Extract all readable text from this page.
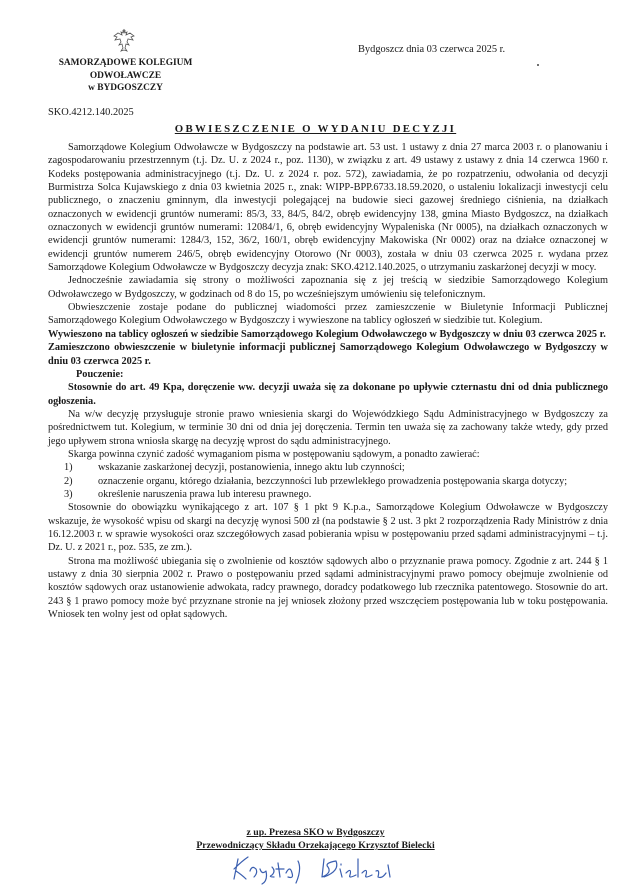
SAMORZĄDOWE KOLEGIUM
ODWOŁAWCZE
w BYDGOSZCZY
Bydgoszcz dnia 03 czerwca 2025 r.
SKO.4212.140.2025
OBWIESZCZENIE O WYDANIU DECYZJI

Samorządowe Kolegium Odwoławcze w Bydgoszczy na podstawie art. 53 ust. 1 ustawy z dnia 27 marca 2003 r. o planowaniu i zagospodarowaniu przestrzennym (t.j. Dz. U. z 2024 r., poz. 1130), w związku z art. 49 ustawy z ustawy z dnia 14 czerwca 1960 r. Kodeks postępowania administracyjnego (t.j. Dz. U. z 2024 r. poz. 572), zawiadamia, że po rozpatrzeniu, odwołania od decyzji Burmistrza Solca Kujawskiego z dnia 03 kwietnia 2025 r., znak: WIPP-BPP.6733.18.59.2020, o ustaleniu lokalizacji inwestycji celu publicznego, o znaczeniu gminnym, dla inwestycji polegającej na budowie sieci gazowej średniego ciśnienia, na działkach oznaczonych w ewidencji gruntów numerami: 85/3, 33, 84/5, 84/2, obręb ewidencyjny 138, gmina Miasto Bydgoszcz, na działkach oznaczonych w ewidencji gruntów numerami: 12084/1, 6, obręb ewidencyjny Wypaleniska (Nr 0005), na działkach oznaczonych w ewidencji gruntów numerami: 1284/3, 152, 36/2, 160/1, obręb ewidencyjny Makowiska (Nr 0002) oraz na działce oznaczonej w ewidencji gruntów numerem 246/5, obręb ewidencyjny Otorowo (Nr 0003), została w dniu 03 czerwca 2025 r. wydana przez Samorządowe Kolegium Odwoławcze w Bydgoszczy decyzja znak: SKO.4212.140.2025, o utrzymaniu zaskarżonej decyzji w mocy.

Jednocześnie zawiadamia się strony o możliwości zapoznania się z jej treścią w siedzibie Samorządowego Kolegium Odwoławczego w Bydgoszczy, w godzinach od 8 do 15, po wcześniejszym umówieniu się telefonicznym.

Obwieszczenie zostaje podane do publicznej wiadomości przez zamieszczenie w Biuletynie Informacji Publicznej Samorządowego Kolegium Odwoławczego w Bydgoszczy i wywieszone na tablicy ogłoszeń w siedzibie tut. Kolegium.

Wywieszono na tablicy ogłoszeń w siedzibie Samorządowego Kolegium Odwoławczego w Bydgoszczy w dniu 03 czerwca 2025 r.

Zamieszczono obwieszczenie w biuletynie informacji publicznej Samorządowego Kolegium Odwoławczego w Bydgoszczy w dniu 03 czerwca 2025 r.

Pouczenie:

Stosownie do art. 49 Kpa, doręczenie ww. decyzji uważa się za dokonane po upływie czternastu dni od dnia publicznego ogłoszenia.

Na w/w decyzję przysługuje stronie prawo wniesienia skargi do Wojewódzkiego Sądu Administracyjnego w Bydgoszczy za pośrednictwem tut. Kolegium, w terminie 30 dni od dnia jej doręczenia. Termin ten uważa się za zachowany także wtedy, gdy przed jego upływem strona wniosła skargę na decyzję wprost do sądu administracyjnego.

Skarga powinna czynić zadość wymaganiom pisma w postępowaniu sądowym, a ponadto zawierać:

1)	wskazanie zaskarżonej decyzji, postanowienia, innego aktu lub czynności;
2)	oznaczenie organu, którego działania, bezczynności lub przewlekłego prowadzenia postępowania skarga dotyczy;
3)	określenie naruszenia prawa lub interesu prawnego.

Stosownie do obowiązku wynikającego z art. 107 § 1 pkt 9 K.p.a., Samorządowe Kolegium Odwoławcze w Bydgoszczy wskazuje, że wysokość wpisu od skargi na decyzję wynosi 500 zł (na podstawie § 2 ust. 3 pkt 2 rozporządzenia Rady Ministrów z dnia 16.12.2003 r. w sprawie wysokości oraz szczegółowych zasad pobierania wpisu w postępowaniu przed sądami administracyjnymi – t.j. Dz. U. z 2021 r., poz. 535, ze zm.).

Strona ma możliwość ubiegania się o zwolnienie od kosztów sądowych albo o przyznanie prawa pomocy. Zgodnie z art. 244 § 1 ustawy z dnia 30 sierpnia 2002 r. Prawo o postępowaniu przed sądami administracyjnymi prawo pomocy obejmuje zwolnienie od kosztów sądowych oraz ustanowienie adwokata, radcy prawnego, doradcy podatkowego lub rzecznika patentowego. Stosownie do art. 243 § 1 prawo pomocy może być przyznane stronie na jej wniosek złożony przed wszczęciem postępowania lub w toku postępowania. Wniosek ten wolny jest od opłat sądowych.

z up. Prezesa SKO w Bydgoszczy
Przewodniczący Składu Orzekającego Krzysztof Bielecki
